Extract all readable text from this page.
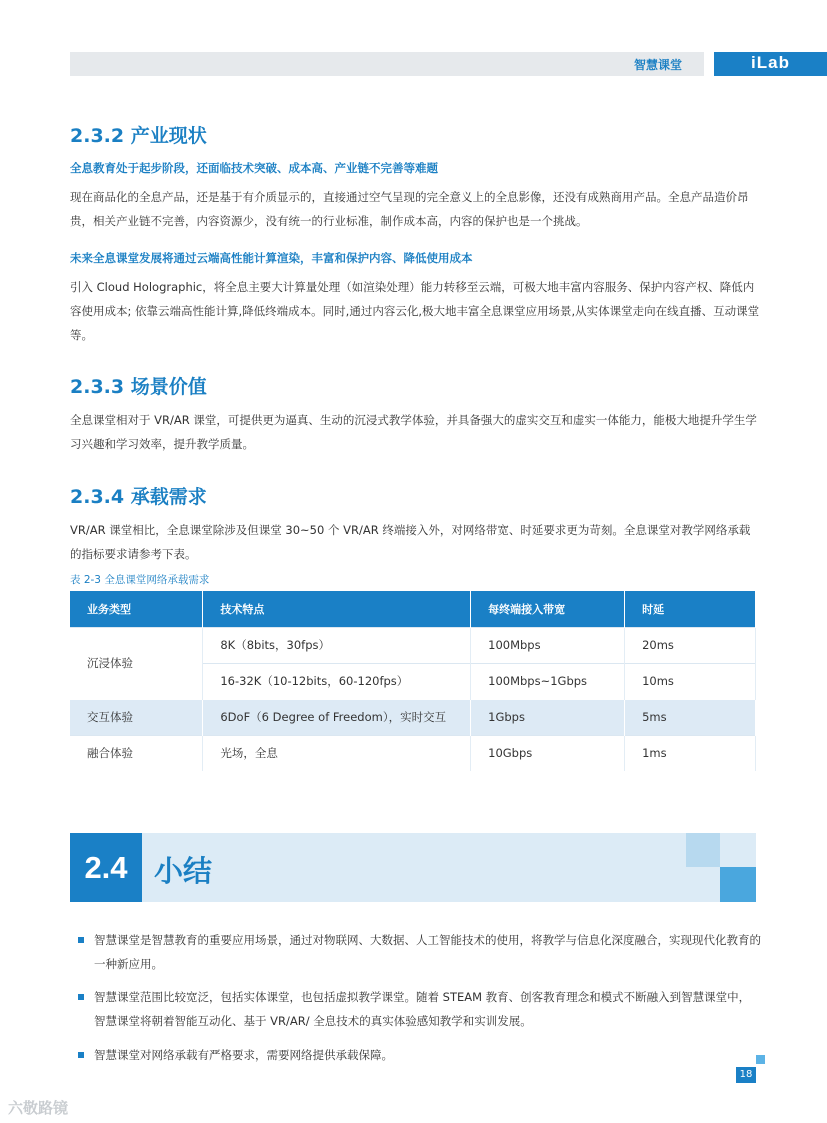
智慧课堂	iLab
2.3.2 产业现状
全息教育处于起步阶段，还面临技术突破、成本高、产业链不完善等难题
现在商品化的全息产品，还是基于有介质显示的，直接通过空气呈现的完全意义上的全息影像，还没有成熟商用产品。全息产品造价昂贵，相关产业链不完善，内容资源少，没有统一的行业标准，制作成本高，内容的保护也是一个挑战。
未来全息课堂发展将通过云端高性能计算渲染，丰富和保护内容、降低使用成本
引入 Cloud Holographic，将全息主要大计算量处理（如渲染处理）能力转移至云端，可极大地丰富内容服务、保护内容产权、降低内容使用成本; 依靠云端高性能计算,降低终端成本。同时,通过内容云化,极大地丰富全息课堂应用场景,从实体课堂走向在线直播、互动课堂等。
2.3.3 场景价值
全息课堂相对于 VR/AR 课堂，可提供更为逼真、生动的沉浸式教学体验，并具备强大的虚实交互和虚实一体能力，能极大地提升学生学习兴趣和学习效率，提升教学质量。
2.3.4 承载需求
VR/AR 课堂相比，全息课堂除涉及但课堂 30~50 个 VR/AR 终端接入外，对网络带宽、时延要求更为苛刻。全息课堂对教学网络承载的指标要求请参考下表。
表 2-3 全息课堂网络承载需求
业务类型	技术特点	每终端接入带宽	时延
沉浸体验	8K（8bits，30fps）	100Mbps	20ms
	16-32K（10-12bits，60-120fps）	100Mbps~1Gbps	10ms
交互体验	6DoF（6 Degree of Freedom），实时交互	1Gbps	5ms
融合体验	光场，全息	10Gbps	1ms
2.4 小结
智慧课堂是智慧教育的重要应用场景，通过对物联网、大数据、人工智能技术的使用，将教学与信息化深度融合，实现现代化教育的一种新应用。
智慧课堂范围比较宽泛，包括实体课堂，也包括虚拟教学课堂。随着 STEAM 教育、创客教育理念和模式不断融入到智慧课堂中，智慧课堂将朝着智能互动化、基于 VR/AR/ 全息技术的真实体验感知教学和实训发展。
智慧课堂对网络承载有严格要求，需要网络提供承载保障。
18
六敬路镜
